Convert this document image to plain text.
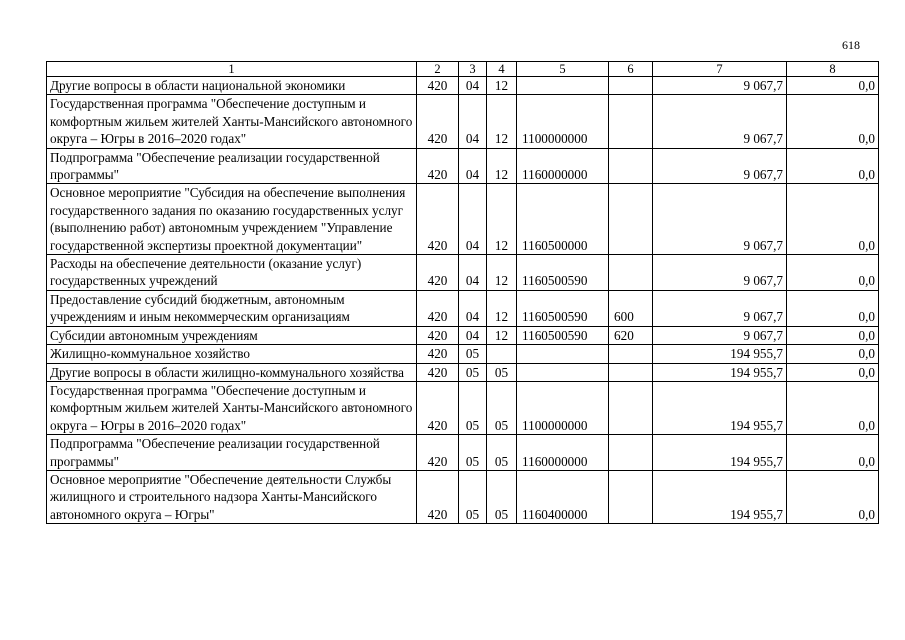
618
1	2	3	4	5	6	7	8
Другие вопросы в области национальной экономики	420	04	12			9 067,7	0,0
Государственная программа "Обеспечение доступным и комфортным жильем жителей Ханты-Мансийского автономного округа – Югры в 2016–2020 годах"	420	04	12	1100000000		9 067,7	0,0
Подпрограмма "Обеспечение реализации государственной программы"	420	04	12	1160000000		9 067,7	0,0
Основное мероприятие "Субсидия на обеспечение выполнения государственного задания по оказанию государственных услуг (выполнению работ) автономным учреждением "Управление государственной экспертизы проектной документации"	420	04	12	1160500000		9 067,7	0,0
Расходы на обеспечение деятельности (оказание услуг) государственных учреждений	420	04	12	1160500590		9 067,7	0,0
Предоставление субсидий бюджетным, автономным учреждениям и иным некоммерческим организациям	420	04	12	1160500590	600	9 067,7	0,0
Субсидии автономным учреждениям	420	04	12	1160500590	620	9 067,7	0,0
Жилищно-коммунальное хозяйство	420	05				194 955,7	0,0
Другие вопросы в области жилищно-коммунального хозяйства	420	05	05			194 955,7	0,0
Государственная программа "Обеспечение доступным и комфортным жильем жителей Ханты-Мансийского автономного округа – Югры в 2016–2020 годах"	420	05	05	1100000000		194 955,7	0,0
Подпрограмма "Обеспечение реализации государственной программы"	420	05	05	1160000000		194 955,7	0,0
Основное мероприятие "Обеспечение деятельности Службы жилищного и строительного надзора Ханты-Мансийского автономного округа – Югры"	420	05	05	1160400000		194 955,7	0,0
